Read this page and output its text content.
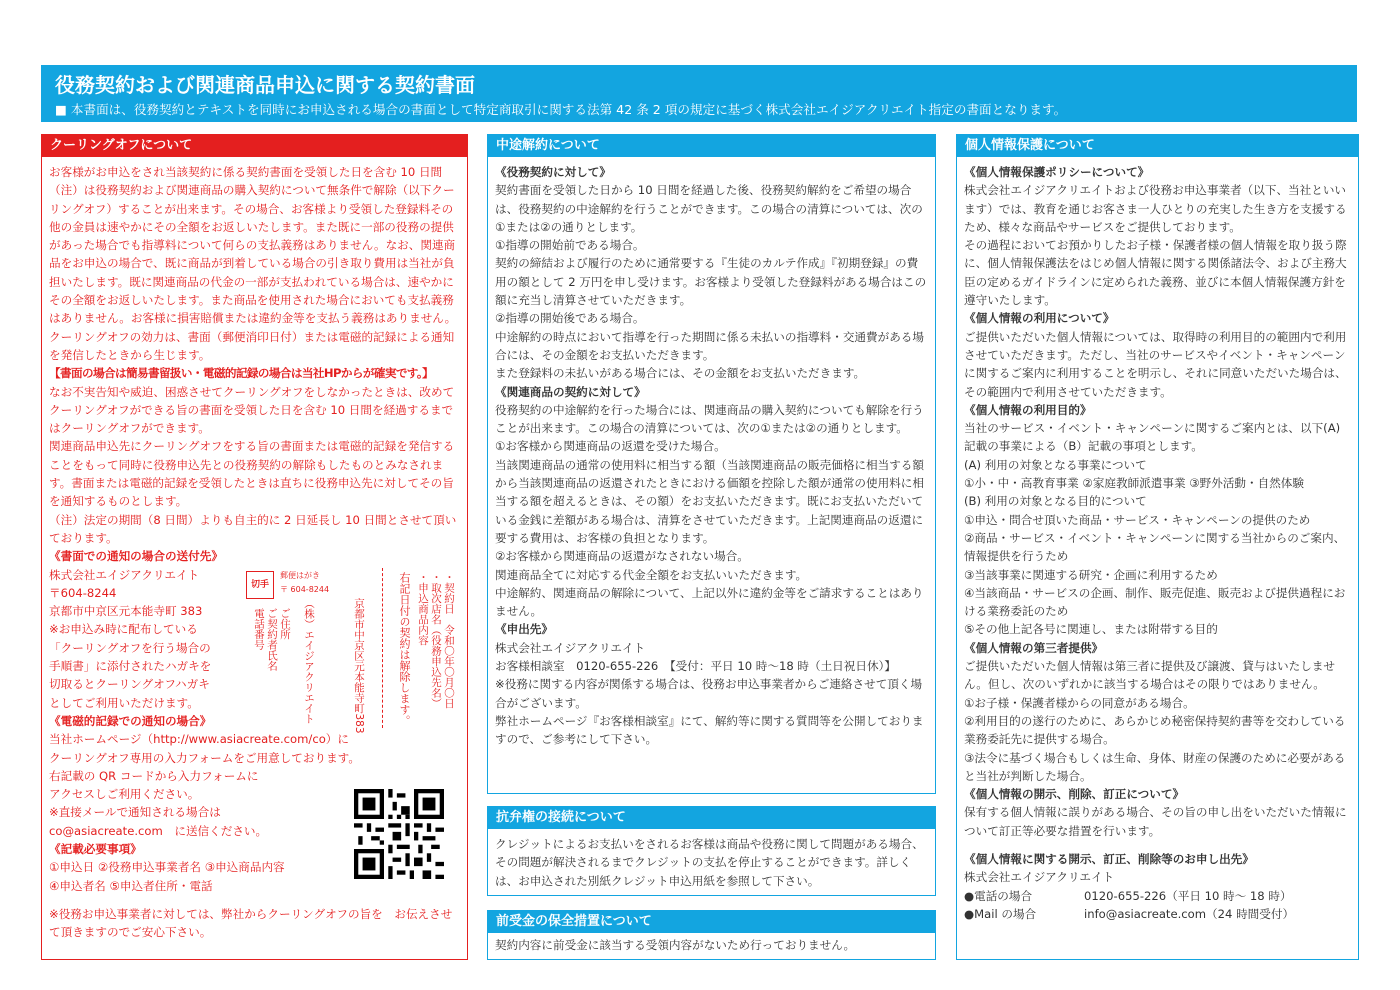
役務契約および関連商品申込に関する契約書面
■ 本書面は、役務契約とテキストを同時にお申込される場合の書面として特定商取引に関する法第 42 条 2 項の規定に基づく株式会社エイジアクリエイト指定の書面となります。
クーリングオフについて

お客様がお申込をされ当該契約に係る契約書面を受領した日を含む 10 日間（注）は役務契約および関連商品の購入契約について無条件で解除（以下クーリングオフ）することが出来ます。その場合、お客様より受領した登録料その他の金員は速やかにその全額をお返しいたします。また既に一部の役務の提供があった場合でも指導料について何らの支払義務はありません。なお、関連商品をお申込の場合で、既に商品が到着している場合の引き取り費用は当社が負担いたします。既に関連商品の代金の一部が支払われている場合は、速やかにその全額をお返しいたします。また商品を使用された場合においても支払義務はありません。お客様に損害賠償または違約金等を支払う義務はありません。

クーリングオフの効力は、書面（郵便消印日付）または電磁的記録による通知を発信したときから生じます。

【書面の場合は簡易書留扱い・電磁的記録の場合は当社HPからが確実です。】

なお不実告知や威迫、困惑させてクーリングオフをしなかったときは、改めてクーリングオフができる旨の書面を受領した日を含む 10 日間を経過するまではクーリングオフができます。

関連商品申込先にクーリングオフをする旨の書面または電磁的記録を発信することをもって同時に役務申込先との役務契約の解除もしたものとみなされます。書面または電磁的記録を受領したときは直ちに役務申込先に対してその旨を通知するものとします。

（注）法定の期間（8 日間）よりも自主的に 2 日延長し 10 日間とさせて頂いております。

《書面での通知の場合の送付先》

株式会社エイジアクリエイト

〒604-8244

京都市中京区元本能寺町 383

※お申込み時に配布している

「クーリングオフを行う場合の

手順書」に添付されたハガキを

切取るとクーリングオフハガキ

としてご利用いただけます。

《電磁的記録での通知の場合》

当社ホームページ（http://www.asiacreate.com/co）に

クーリングオフ専用の入力フォームをご用意しております。

右記載の QR コードから入力フォームに

アクセスしご利用ください。

※直接メールで通知される場合は

co@asiacreate.com　に送信ください。

《記載必要事項》

①申込日 ②役務申込事業者名 ③申込商品内容

④申込者名 ⑤申込者住所・電話

※役務お申込事業者に対しては、弊社からクーリングオフの旨を　お伝えさせて頂きますのでご安心下さい。

切手
郵便はがき
〒 604-8244
京都市中京区元本能寺町383
（株）エイジアクリエイト
ご住所　　　
ご契約者氏名
電話番号　　	右記日付の契約は解除します。	・契約日　令和〇年〇月〇日
・取次店名（役務申込先名）
・申込商品内容
中途解約について

《役務契約に対して》

契約書面を受領した日から 10 日間を経過した後、役務契約解約をご希望の場合は、役務契約の中途解約を行うことができます。この場合の清算については、次の①または②の通りとします。

①指導の開始前である場合。

契約の締結および履行のために通常要する『生徒のカルテ作成』『初期登録』の費用の額として 2 万円を申し受けます。お客様より受領した登録料がある場合はこの額に充当し清算させていただきます。

②指導の開始後である場合。

中途解約の時点において指導を行った期間に係る未払いの指導料・交通費がある場合には、その金額をお支払いただきます。

また登録料の未払いがある場合には、その金額をお支払いただきます。

《関連商品の契約に対して》

役務契約の中途解約を行った場合には、関連商品の購入契約についても解除を行うことが出来ます。この場合の清算については、次の①または②の通りとします。

①お客様から関連商品の返還を受けた場合。

当該関連商品の通常の使用料に相当する額（当該関連商品の販売価格に相当する額から当該関連商品の返還されたときにおける価額を控除した額が通常の使用料に相当する額を超えるときは、その額）をお支払いただきます。既にお支払いただいている金銭に差額がある場合は、清算をさせていただきます。上記関連商品の返還に要する費用は、お客様の負担となります。

②お客様から関連商品の返還がなされない場合。

関連商品全てに対応する代金全額をお支払いいただきます。

中途解約、関連商品の解除について、上記以外に違約金等をご請求することはありません。

《申出先》

株式会社エイジアクリエイト

お客様相談室　0120-655-226　【受付：平日 10 時～18 時（土日祝日休）】

※役務に関する内容が関係する場合は、役務お申込事業者からご連絡させて頂く場合がございます。

弊社ホームページ『お客様相談室』にて、解約等に関する質問等を公開しておりますので、ご参考にして下さい。

抗弁権の接続について

クレジットによるお支払いをされるお客様は商品や役務に関して問題がある場合、その問題が解決されるまでクレジットの支払を停止することができます。詳しくは、お申込された別紙クレジット申込用紙を参照して下さい。

前受金の保全措置について

契約内容に前受金に該当する受領内容がないため行っておりません。

個人情報保護について

《個人情報保護ポリシーについて》

株式会社エイジアクリエイトおよび役務お申込事業者（以下、当社といいます）では、教育を通じお客さま一人ひとりの充実した生き方を支援するため、様々な商品やサービスをご提供しております。

その過程においてお預かりしたお子様・保護者様の個人情報を取り扱う際に、個人情報保護法をはじめ個人情報に関する関係諸法令、および主務大臣の定めるガイドラインに定められた義務、並びに本個人情報保護方針を遵守いたします。

《個人情報の利用について》

ご提供いただいた個人情報については、取得時の利用目的の範囲内で利用させていただきます。ただし、当社のサービスやイベント・キャンペーンに関するご案内に利用することを明示し、それに同意いただいた場合は、その範囲内で利用させていただきます。

《個人情報の利用目的》

当社のサービス・イベント・キャンペーンに関するご案内とは、以下(A) 記載の事業による（B）記載の事項とします。

(A) 利用の対象となる事業について

①小・中・高教育事業 ②家庭教師派遣事業 ③野外活動・自然体験

(B) 利用の対象となる目的について

①申込・問合せ頂いた商品・サービス・キャンペーンの提供のため

②商品・サービス・イベント・キャンペーンに関する当社からのご案内、情報提供を行うため

③当該事業に関連する研究・企画に利用するため

④当該商品・サービスの企画、制作、販売促進、販売および提供過程における業務委託のため

⑤その他上記各号に関連し、または附帯する目的

《個人情報の第三者提供》

ご提供いただいた個人情報は第三者に提供及び譲渡、貸与はいたしません。但し、次のいずれかに該当する場合はその限りではありません。

①お子様・保護者様からの同意がある場合。

②利用目的の遂行のために、あらかじめ秘密保持契約書等を交わしている業務委託先に提供する場合。

③法令に基づく場合もしくは生命、身体、財産の保護のために必要があると当社が判断した場合。

《個人情報の開示、削除、訂正について》

保有する個人情報に誤りがある場合、その旨の申し出をいただいた情報について訂正等必要な措置を行います。

《個人情報に関する開示、訂正、削除等のお申し出先》

株式会社エイジアクリエイト

●電話の場合	0120-655-226（平日 10 時～ 18 時）
●Mail の場合	info@asiacreate.com（24 時間受付）
